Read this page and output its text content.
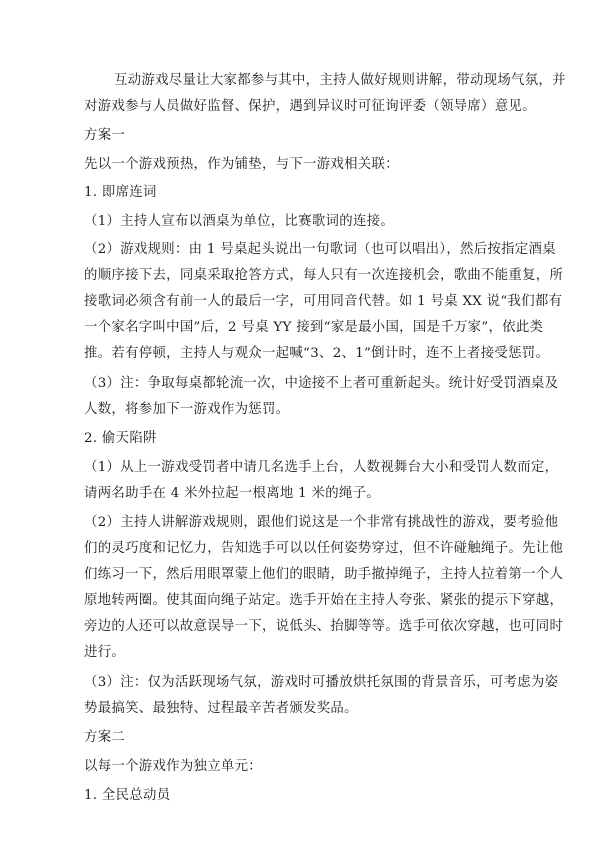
互动游戏尽量让大家都参与其中，主持人做好规则讲解，带动现场气氛，并
对游戏参与人员做好监督、保护，遇到异议时可征询评委（领导席）意见。
方案一
先以一个游戏预热，作为铺垫，与下一游戏相关联：
1. 即席连词
（1）主持人宣布以酒桌为单位，比赛歌词的连接。
（2）游戏规则：由 1 号桌起头说出一句歌词（也可以唱出），然后按指定酒桌
的顺序接下去，同桌采取抢答方式，每人只有一次连接机会，歌曲不能重复，所
接歌词必须含有前一人的最后一字，可用同音代替。如 1 号桌 XX 说“我们都有
一个家名字叫中国”后，2 号桌 YY 接到“家是最小国，国是千万家”，依此类
推。若有停顿，主持人与观众一起喊“3、2、1”倒计时，连不上者接受惩罚。
（3）注：争取每桌都轮流一次，中途接不上者可重新起头。统计好受罚酒桌及
人数，将参加下一游戏作为惩罚。
2. 偷天陷阱
（1）从上一游戏受罚者中请几名选手上台，人数视舞台大小和受罚人数而定，
请两名助手在 4 米外拉起一根离地 1 米的绳子。
（2）主持人讲解游戏规则，跟他们说这是一个非常有挑战性的游戏，要考验他
们的灵巧度和记忆力，告知选手可以以任何姿势穿过，但不许碰触绳子。先让他
们练习一下，然后用眼罩蒙上他们的眼睛，助手撤掉绳子，主持人拉着第一个人
原地转两圈。使其面向绳子站定。选手开始在主持人夸张、紧张的提示下穿越，
旁边的人还可以故意误导一下，说低头、抬脚等等。选手可依次穿越，也可同时
进行。
（3）注：仅为活跃现场气氛，游戏时可播放烘托氛围的背景音乐，可考虑为姿
势最搞笑、最独特、过程最辛苦者颁发奖品。
方案二
以每一个游戏作为独立单元：
1. 全民总动员
